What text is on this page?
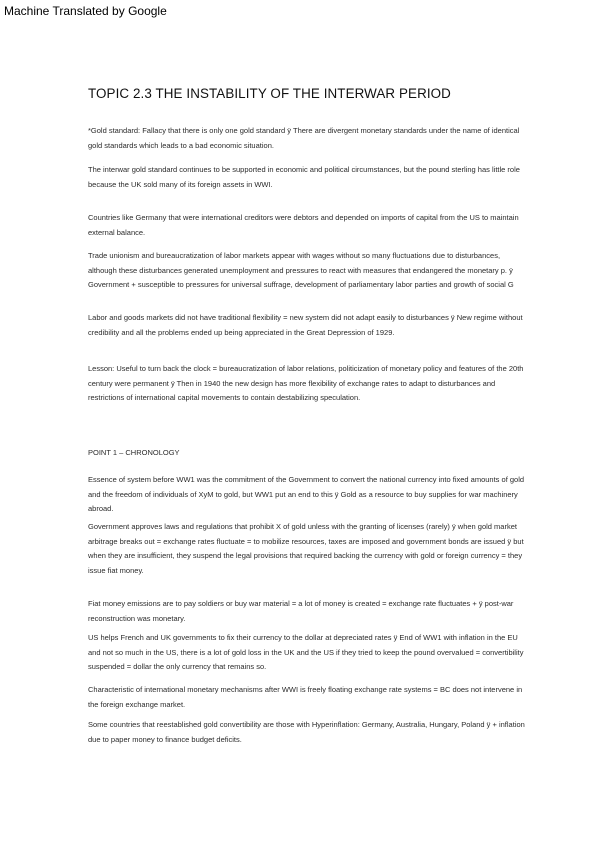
Machine Translated by Google
TOPIC 2.3 THE INSTABILITY OF THE INTERWAR PERIOD

*Gold standard: Fallacy that there is only one gold standard ÿ There are divergent monetary standards under the name of identical gold standards which leads to a bad economic situation.

The interwar gold standard continues to be supported in economic and political circumstances, but the pound sterling has little role because the UK sold many of its foreign assets in WWI.

Countries like Germany that were international creditors were debtors and depended on imports of capital from the US to maintain external balance.

Trade unionism and bureaucratization of labor markets appear with wages without so many fluctuations due to disturbances, although these disturbances generated unemployment and pressures to react with measures that endangered the monetary p. ÿ Government + susceptible to pressures for universal suffrage, development of parliamentary labor parties and growth of social G

Labor and goods markets did not have traditional flexibility = new system did not adapt easily to disturbances ÿ New regime without credibility and all the problems ended up being appreciated in the Great Depression of 1929.

Lesson: Useful to turn back the clock = bureaucratization of labor relations, politicization of monetary policy and features of the 20th century were permanent ÿ Then in 1940 the new design has more flexibility of exchange rates to adapt to disturbances and restrictions of international capital movements to contain destabilizing speculation.

POINT 1 – CHRONOLOGY

Essence of system before WW1 was the commitment of the Government to convert the national currency into fixed amounts of gold and the freedom of individuals of XyM to gold, but WW1 put an end to this ÿ Gold as a resource to buy supplies for war machinery abroad.

Government approves laws and regulations that prohibit X of gold unless with the granting of licenses (rarely) ÿ when gold market arbitrage breaks out = exchange rates fluctuate = to mobilize resources, taxes are imposed and government bonds are issued ÿ but when they are insufficient, they suspend the legal provisions that required backing the currency with gold or foreign currency = they issue fiat money.

Fiat money emissions are to pay soldiers or buy war material = a lot of money is created = exchange rate fluctuates + ÿ post-war reconstruction was monetary.

US helps French and UK governments to fix their currency to the dollar at depreciated rates ÿ End of WW1 with inflation in the EU and not so much in the US, there is a lot of gold loss in the UK and the US if they tried to keep the pound overvalued = convertibility suspended = dollar the only currency that remains so.

Characteristic of international monetary mechanisms after WWI is freely floating exchange rate systems = BC does not intervene in the foreign exchange market.

Some countries that reestablished gold convertibility are those with Hyperinflation: Germany, Australia, Hungary, Poland ÿ + inflation due to paper money to finance budget deficits.
